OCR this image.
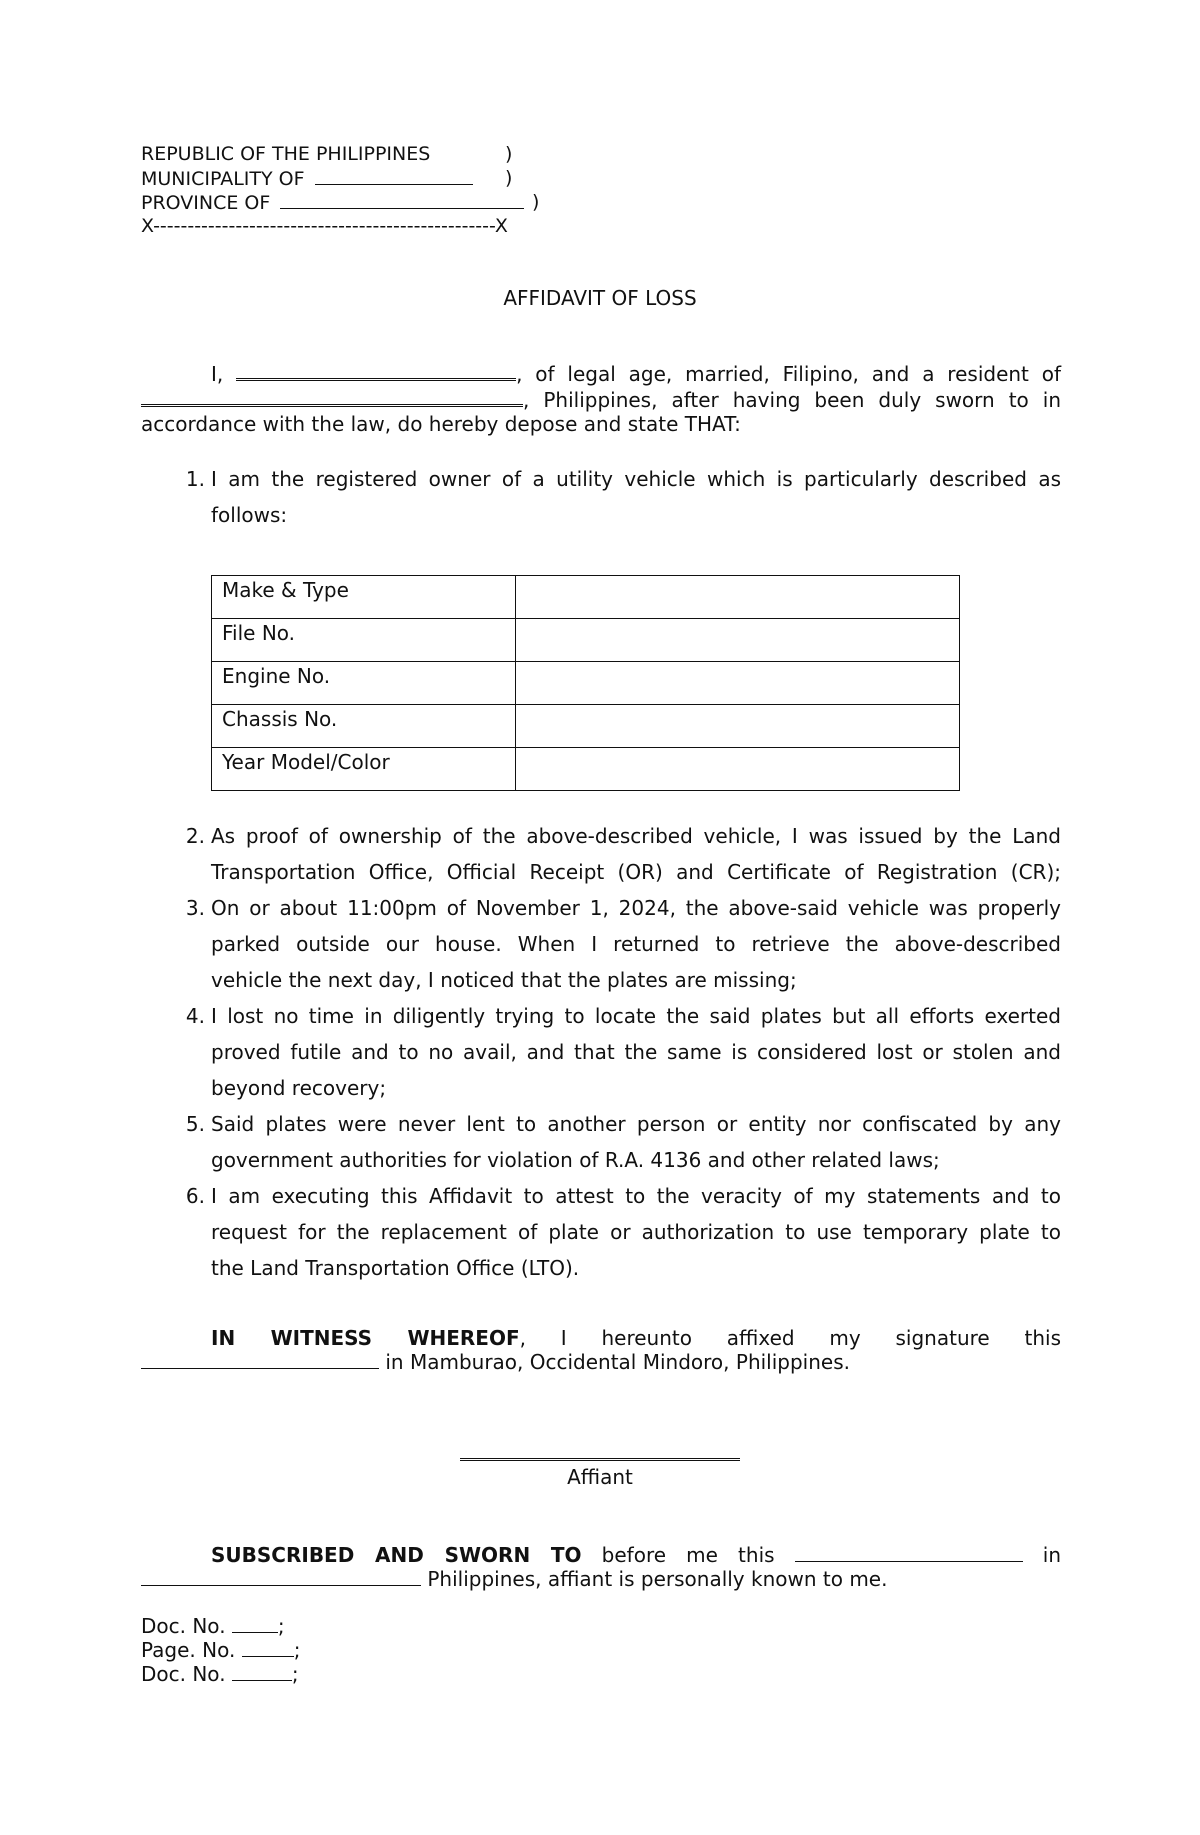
REPUBLIC OF THE PHILIPPINES	)
MUNICIPALITY OF	)
PROVINCE OF	)
X--------------------------------------------------X
AFFIDAVIT OF LOSS
I,	, of legal age, married, Filipino, and a resident of
, Philippines, after having been duly sworn to in
accordance with the law, do hereby depose and state THAT:
1. I am the registered owner of a utility vehicle which is particularly described as
follows:
Make & Type	
File No.	
Engine No.	
Chassis No.	
Year Model/Color	
2. As proof of ownership of the above-described vehicle, I was issued by the Land
Transportation Office, Official Receipt (OR) and Certificate of Registration (CR);
3. On or about 11:00pm of November 1, 2024, the above-said vehicle was properly
parked outside our house. When I returned to retrieve the above-described
vehicle the next day, I noticed that the plates are missing;
4. I lost no time in diligently trying to locate the said plates but all efforts exerted
proved futile and to no avail, and that the same is considered lost or stolen and
beyond recovery;
5. Said plates were never lent to another person or entity nor confiscated by any
government authorities for violation of R.A. 4136 and other related laws;
6. I am executing this Affidavit to attest to the veracity of my statements and to
request for the replacement of plate or authorization to use temporary plate to
the Land Transportation Office (LTO).
IN WITNESS WHEREOF, I hereunto affixed my signature this
in Mamburao, Occidental Mindoro, Philippines.
Affiant
SUBSCRIBED AND SWORN TO before me this	in
Philippines, affiant is personally known to me.
Doc. No.	;
Page. No.	;
Doc. No.	;
